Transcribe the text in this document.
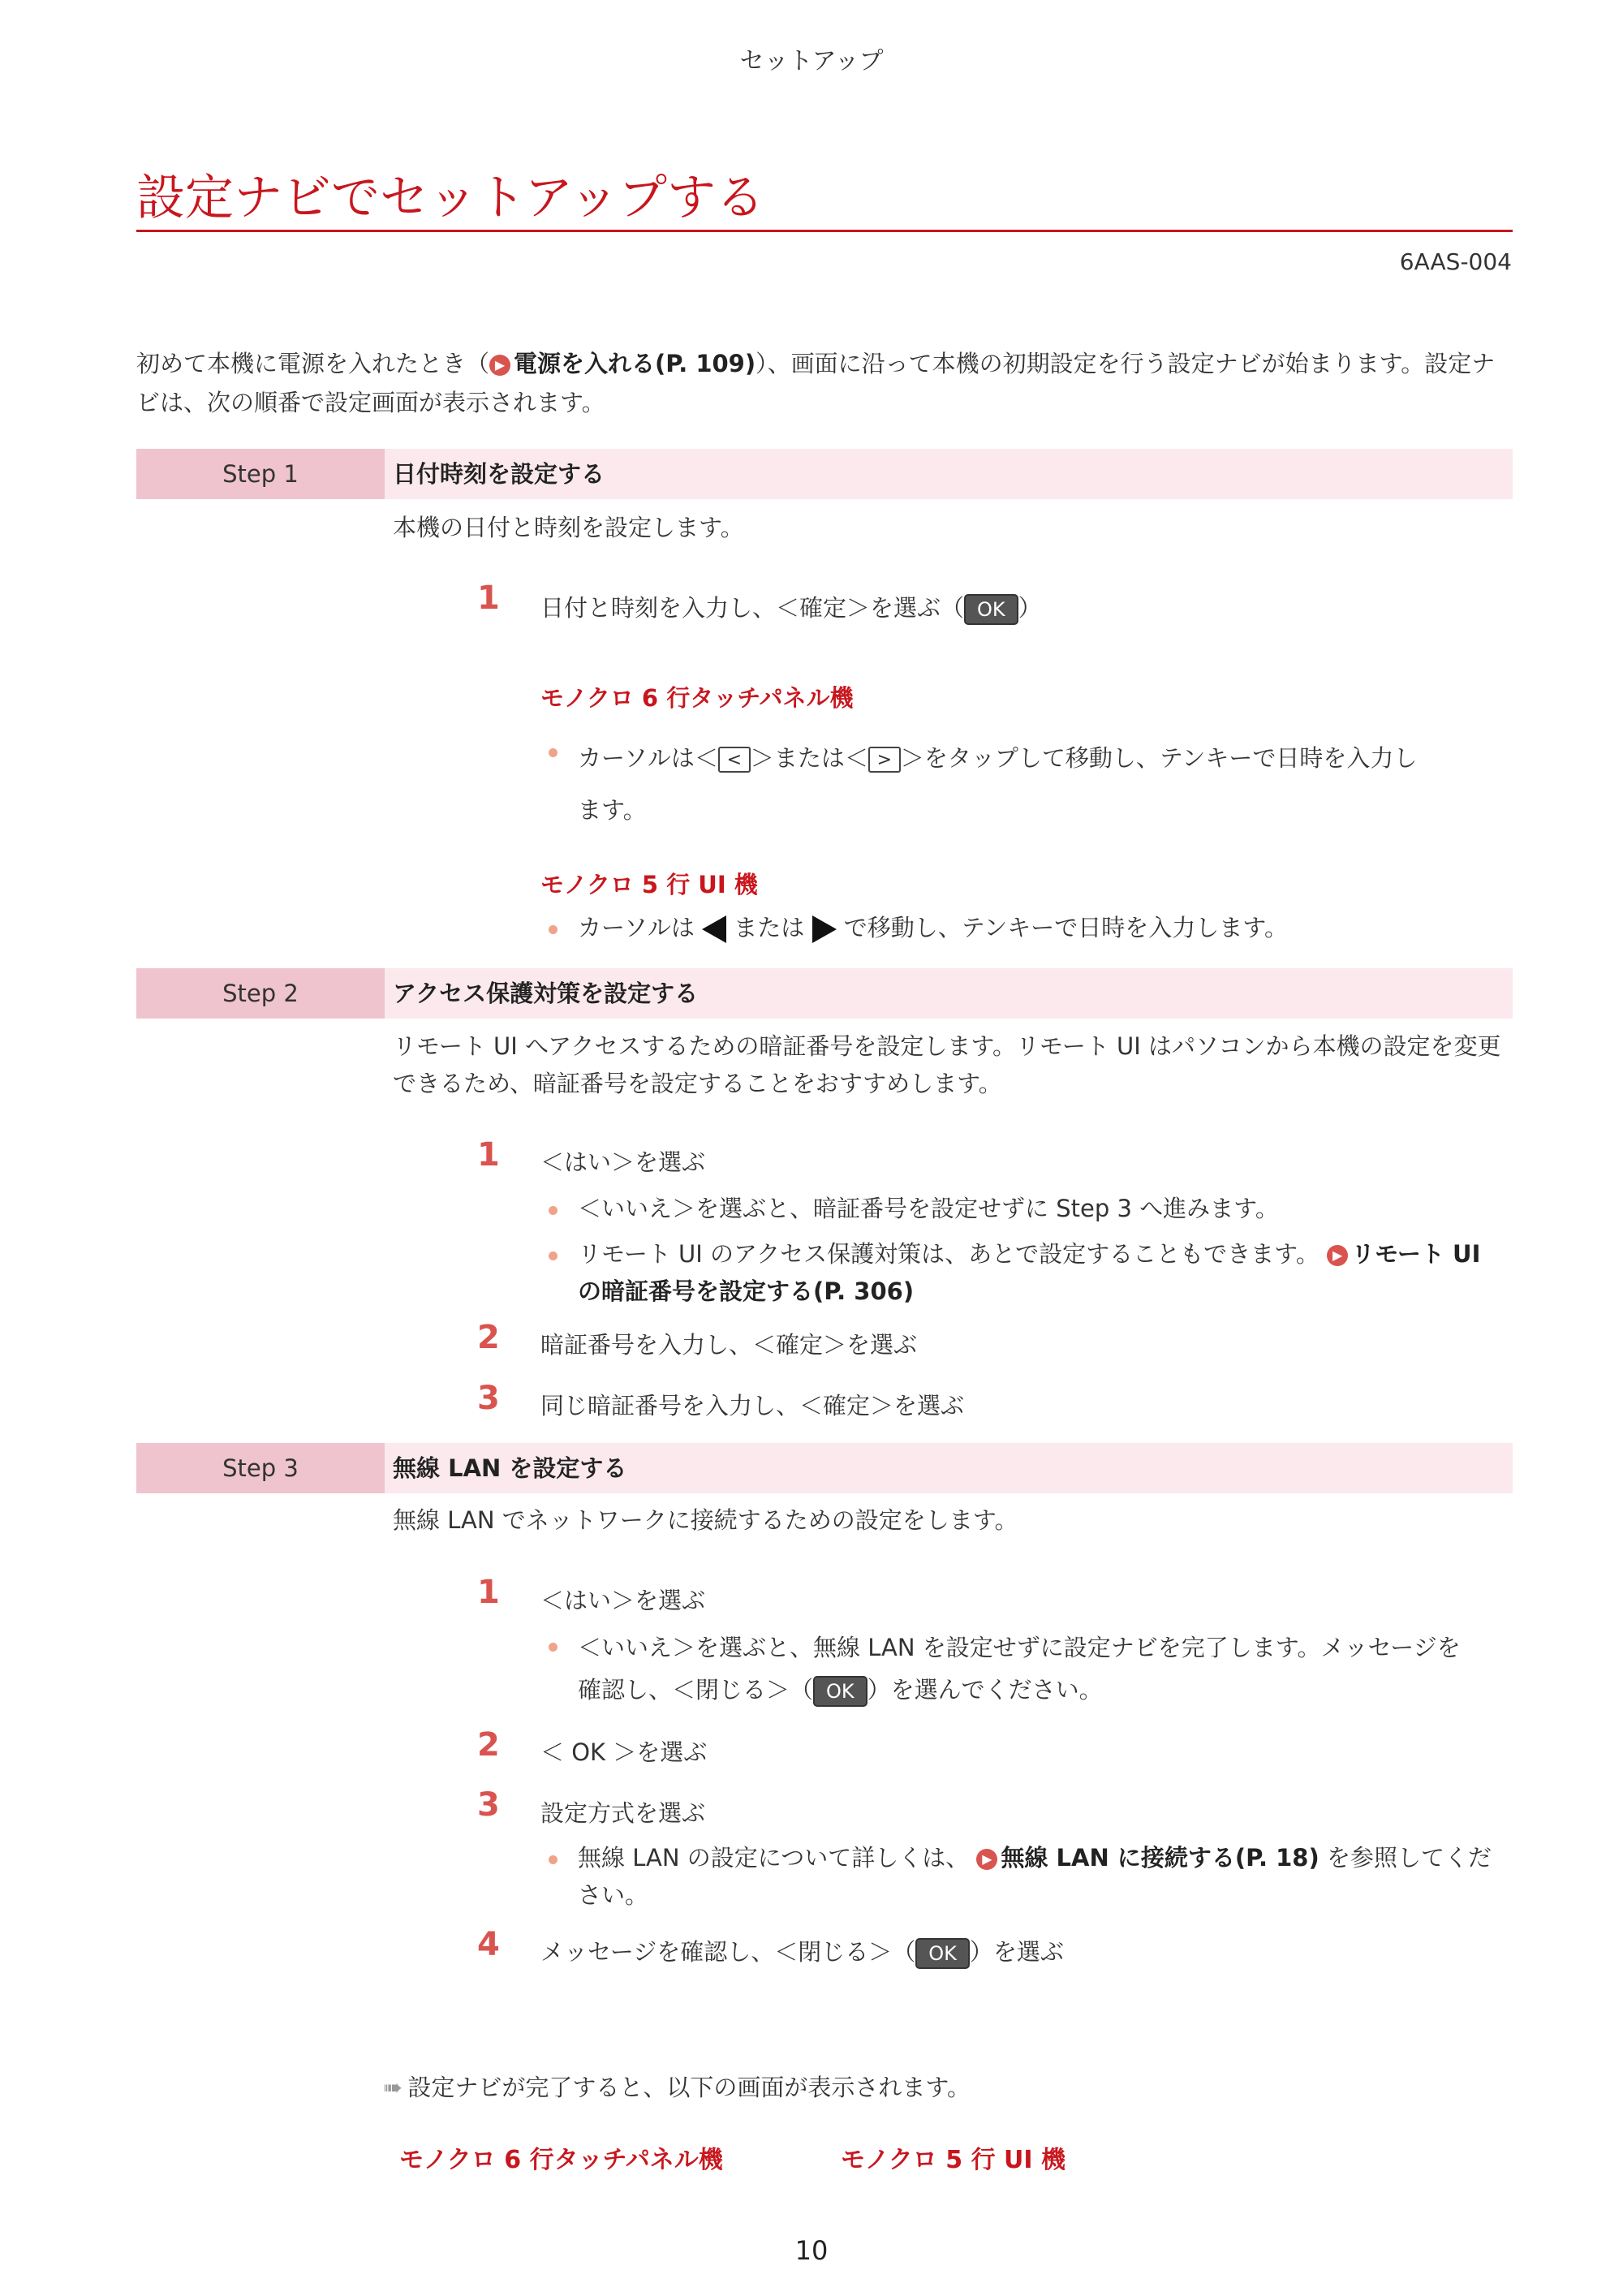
セットアップ
設定ナビでセットアップする
6AAS-004
初めて本機に電源を入れたとき（ ▶ 電源を入れる(P. 109)）、画面に沿って本機の初期設定を行う設定ナビが始まります。設定ナビは、次の順番で設定画面が表示されます。
Step 1	日付時刻を設定する
本機の日付と時刻を設定します。
1 日付と時刻を入力し、＜確定＞を選ぶ（ OK ）
モノクロ 6 行タッチパネル機
カーソルは＜ < ＞または＜ > ＞をタップして移動し、テンキーで日時を入力し
ます。
モノクロ 5 行 UI 機
カーソルは または で移動し、テンキーで日時を入力します。
Step 2	アクセス保護対策を設定する
リモート UI へアクセスするための暗証番号を設定します。リモート UI はパソコンから本機の設定を変更できるため、暗証番号を設定することをおすすめします。
1 ＜はい＞を選ぶ
＜いいえ＞を選ぶと、暗証番号を設定せずに Step 3 へ進みます。
リモート UI のアクセス保護対策は、あとで設定することもできます。 ▶ リモート UI の暗証番号を設定する(P. 306)
2 暗証番号を入力し、＜確定＞を選ぶ
3 同じ暗証番号を入力し、＜確定＞を選ぶ
Step 3	無線 LAN を設定する
無線 LAN でネットワークに接続するための設定をします。
1 ＜はい＞を選ぶ
＜いいえ＞を選ぶと、無線 LAN を設定せずに設定ナビを完了します。メッセージを
確認し、＜閉じる＞（ OK ）を選んでください。
2 ＜ OK ＞を選ぶ
3 設定方式を選ぶ
無線 LAN の設定について詳しくは、 ▶ 無線 LAN に接続する(P. 18) を参照してください。
4 メッセージを確認し、＜閉じる＞（ OK ）を選ぶ
➠ 設定ナビが完了すると、以下の画面が表示されます。
モノクロ 6 行タッチパネル機	モノクロ 5 行 UI 機
10
